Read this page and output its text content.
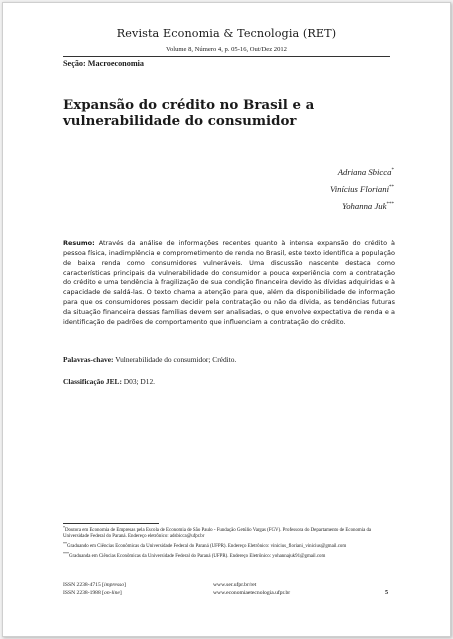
Revista Economia & Tecnologia (RET)
Volume 8, Número 4, p. 05-16, Out/Dez 2012
Seção: Macroeconomia
Expansão do crédito no Brasil e a vulnerabilidade do consumidor
Adriana Sbicca*
Vinícius Floriani**
Yohanna Juk***

Resumo: Através da análise de informações recentes quanto à intensa expansão do crédito à pessoa física, inadimplência e comprometimento de renda no Brasil, este texto identifica a população de baixa renda como consumidores vulneráveis. Uma discussão nascente destaca como características principais da vulnerabilidade do consumidor a pouca experiência com a contratação do crédito e uma tendência à fragilização de sua condição financeira devido às dívidas adquiridas e à capacidade de saldá-las. O texto chama a atenção para que, além da disponibilidade de informação para que os consumidores possam decidir pela contratação ou não da dívida, as tendências futuras da situação financeira dessas famílias devem ser analisadas, o que envolve expectativa de renda e a identificação de padrões de comportamento que influenciam a contratação do crédito.

Palavras-chave: Vulnerabilidade do consumidor; Crédito.

Classificação JEL: D03; D12.

*Doutora em Economia de Empresas pela Escola de Economia de São Paulo - Fundação Getúlio Vargas (FGV). Professora do Departamento de Economia da Universidade Federal do Paraná. Endereço eletrônico: adsbicca@ufpr.br
**Graduando em Ciências Econômicas da Universidade Federal do Paraná (UFPR). Endereço Eletrônico: vinicius_floriani_vinicius@gmail.com
***Graduanda em Ciências Econômicas da Universidade Federal do Paraná (UFPR). Endereço Eletrônico: yohannajuk91@gmail.com
ISSN 2238-4715 [impresso]
ISSN 2238-1988 [on-line]
www.ser.ufpr.br/ret
www.economiaetecnologia.ufpr.br	5
